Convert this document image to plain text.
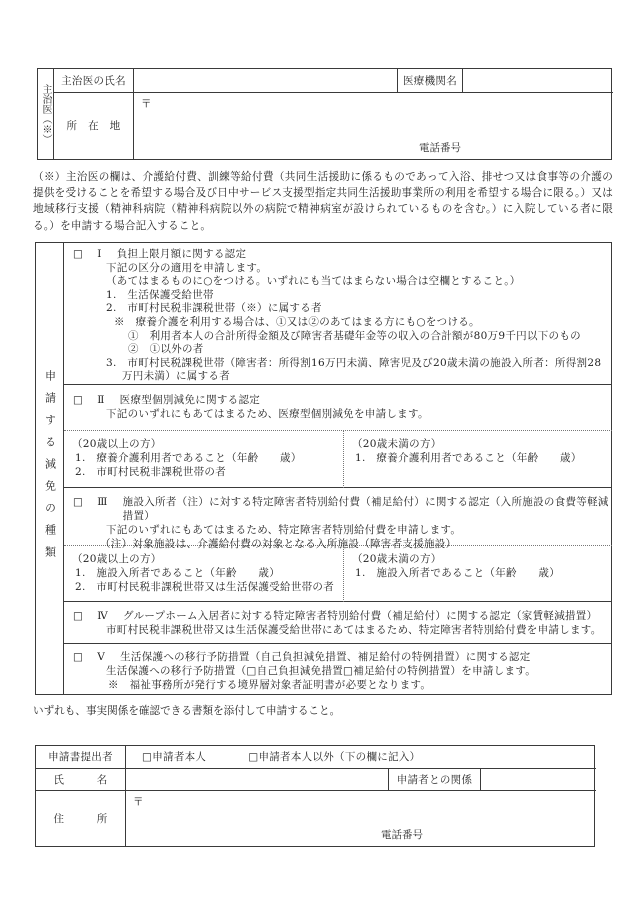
主治医（※）
主治医の氏名	医療機関名
所　在　地
〒
電話番号
（※）主治医の欄は、介護給付費、訓練等給付費（共同生活援助に係るものであって入浴、排せつ又は食事等の介護の提供を受けることを希望する場合及び日中サービス支援型指定共同生活援助事業所の利用を希望する場合に限る。）又は地域移行支援（精神科病院（精神科病院以外の病院で精神病室が設けられているものを含む。）に入院している者に限る。）を申請する場合記入すること。
申請する減免の種類
□ Ⅰ 負担上限月額に関する認定
下記の区分の適用を申請します。
（あてはまるものに○をつける。いずれにも当てはまらない場合は空欄とすること。）
1.　生活保護受給世帯
2.　市町村民税非課税世帯（※）に属する者
※　療養介護を利用する場合は、①又は②のあてはまる方にも○をつける。
①　利用者本人の合計所得金額及び障害者基礎年金等の収入の合計額が80万9千円以下のもの
②　①以外の者
3.　市町村民税課税世帯（障害者：所得割16万円未満、障害児及び20歳未満の施設入所者：所得割28万円未満）に属する者
□ Ⅱ 医療型個別減免に関する認定
下記のいずれにもあてはまるため、医療型個別減免を申請します。
（20歳以上の方）
1.　療養介護利用者であること（年齢　　歳）
2.　市町村民税非課税世帯の者
（20歳未満の方）
1.　療養介護利用者であること（年齢　　歳）
□ Ⅲ 施設入所者（注）に対する特定障害者特別給付費（補足給付）に関する認定（入所施設の食費等軽減措置）
下記のいずれにもあてはまるため、特定障害者特別給付費を申請します。
（注）対象施設は、介護給付費の対象となる入所施設（障害者支援施設）
（20歳以上の方）
1.　施設入所者であること（年齢　　歳）
2.　市町村民税非課税世帯又は生活保護受給世帯の者
（20歳未満の方）
1.　施設入所者であること（年齢　　歳）
□ Ⅳ グループホーム入居者に対する特定障害者特別給付費（補足給付）に関する認定（家賃軽減措置）
市町村民税非課税世帯又は生活保護受給世帯にあてはまるため、特定障害者特別給付費を申請します。
□ Ⅴ 生活保護への移行予防措置（自己負担減免措置、補足給付の特例措置）に関する認定
生活保護への移行予防措置（□自己負担減免措置□補足給付の特例措置）を申請します。
※　福祉事務所が発行する境界層対象者証明書が必要となります。
いずれも、事実関係を確認できる書類を添付して申請すること。
申請書提出者	□申請者本人	□申請者本人以外（下の欄に記入）
氏　　　名	申請者との関係
住　　　所
〒
電話番号
